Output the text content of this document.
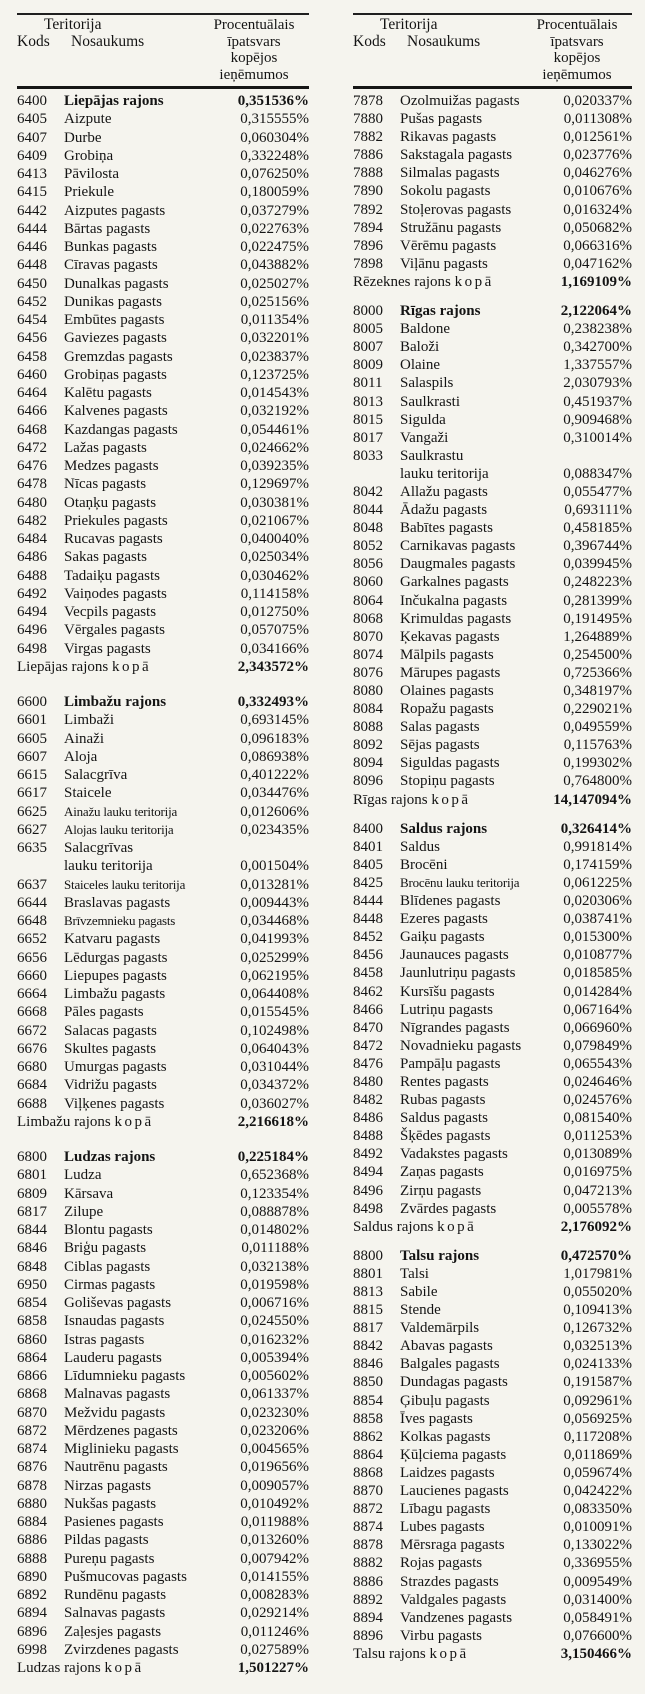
Teritorija
Kods	Nosaukums
Procentuālais
īpatsvars
kopējos
ieņēmumos
6400	Liepājas rajons	0,351536%
6405	Aizpute	0,315555%
6407	Durbe	0,060304%
6409	Grobiņa	0,332248%
6413	Pāvilosta	0,076250%
6415	Priekule	0,180059%
6442	Aizputes pagasts	0,037279%
6444	Bārtas pagasts	0,022763%
6446	Bunkas pagasts	0,022475%
6448	Cīravas pagasts	0,043882%
6450	Dunalkas pagasts	0,025027%
6452	Dunikas pagasts	0,025156%
6454	Embūtes pagasts	0,011354%
6456	Gaviezes pagasts	0,032201%
6458	Gremzdas pagasts	0,023837%
6460	Grobiņas pagasts	0,123725%
6464	Kalētu pagasts	0,014543%
6466	Kalvenes pagasts	0,032192%
6468	Kazdangas pagasts	0,054461%
6472	Lažas pagasts	0,024662%
6476	Medzes pagasts	0,039235%
6478	Nīcas pagasts	0,129697%
6480	Otaņķu pagasts	0,030381%
6482	Priekules pagasts	0,021067%
6484	Rucavas pagasts	0,040040%
6486	Sakas pagasts	0,025034%
6488	Tadaiķu pagasts	0,030462%
6492	Vaiņodes pagasts	0,114158%
6494	Vecpils pagasts	0,012750%
6496	Vērgales pagasts	0,057075%
6498	Virgas pagasts	0,034166%
Liepājas rajons kopā	2,343572%
6600	Limbažu rajons	0,332493%
6601	Limbaži	0,693145%
6605	Ainaži	0,096183%
6607	Aloja	0,086938%
6615	Salacgrīva	0,401222%
6617	Staicele	0,034476%
6625	Ainažu lauku teritorija	0,012606%
6627	Alojas lauku teritorija	0,023435%
6635	Salacgrīvas
lauku teritorija	0,001504%
6637	Staiceles lauku teritorija	0,013281%
6644	Braslavas pagasts	0,009443%
6648	Brīvzemnieku pagasts	0,034468%
6652	Katvaru pagasts	0,041993%
6656	Lēdurgas pagasts	0,025299%
6660	Liepupes pagasts	0,062195%
6664	Limbažu pagasts	0,064408%
6668	Pāles pagasts	0,015545%
6672	Salacas pagasts	0,102498%
6676	Skultes pagasts	0,064043%
6680	Umurgas pagasts	0,031044%
6684	Vidrižu pagasts	0,034372%
6688	Viļķenes pagasts	0,036027%
Limbažu rajons kopā	2,216618%
6800	Ludzas rajons	0,225184%
6801	Ludza	0,652368%
6809	Kārsava	0,123354%
6817	Zilupe	0,088878%
6844	Blontu pagasts	0,014802%
6846	Briģu pagasts	0,011188%
6848	Ciblas pagasts	0,032138%
6950	Cirmas pagasts	0,019598%
6854	Goliševas pagasts	0,006716%
6858	Isnaudas pagasts	0,024550%
6860	Istras pagasts	0,016232%
6864	Lauderu pagasts	0,005394%
6866	Līdumnieku pagasts	0,005602%
6868	Malnavas pagasts	0,061337%
6870	Mežvidu pagasts	0,023230%
6872	Mērdzenes pagasts	0,023206%
6874	Miglinieku pagasts	0,004565%
6876	Nautrēnu pagasts	0,019656%
6878	Nirzas pagasts	0,009057%
6880	Nukšas pagasts	0,010492%
6884	Pasienes pagasts	0,011988%
6886	Pildas pagasts	0,013260%
6888	Pureņu pagasts	0,007942%
6890	Pušmucovas pagasts	0,014155%
6892	Rundēnu pagasts	0,008283%
6894	Salnavas pagasts	0,029214%
6896	Zaļesjes pagasts	0,011246%
6998	Zvirzdenes pagasts	0,027589%
Ludzas rajons kopā	1,501227%
Teritorija
Kods	Nosaukums
Procentuālais
īpatsvars
kopējos
ieņēmumos
7878	Ozolmuižas pagasts	0,020337%
7880	Pušas pagasts	0,011308%
7882	Rikavas pagasts	0,012561%
7886	Sakstagala pagasts	0,023776%
7888	Silmalas pagasts	0,046276%
7890	Sokolu pagasts	0,010676%
7892	Stoļerovas pagasts	0,016324%
7894	Stružānu pagasts	0,050682%
7896	Vērēmu pagasts	0,066316%
7898	Viļānu pagasts	0,047162%
Rēzeknes rajons kopā	1,169109%
8000	Rīgas rajons	2,122064%
8005	Baldone	0,238238%
8007	Baloži	0,342700%
8009	Olaine	1,337557%
8011	Salaspils	2,030793%
8013	Saulkrasti	0,451937%
8015	Sigulda	0,909468%
8017	Vangaži	0,310014%
8033	Saulkrastu
lauku teritorija	0,088347%
8042	Allažu pagasts	0,055477%
8044	Ādažu pagasts	0,693111%
8048	Babītes pagasts	0,458185%
8052	Carnikavas pagasts	0,396744%
8056	Daugmales pagasts	0,039945%
8060	Garkalnes pagasts	0,248223%
8064	Inčukalna pagasts	0,281399%
8068	Krimuldas pagasts	0,191495%
8070	Ķekavas pagasts	1,264889%
8074	Mālpils pagasts	0,254500%
8076	Mārupes pagasts	0,725366%
8080	Olaines pagasts	0,348197%
8084	Ropažu pagasts	0,229021%
8088	Salas pagasts	0,049559%
8092	Sējas pagasts	0,115763%
8094	Siguldas pagasts	0,199302%
8096	Stopiņu pagasts	0,764800%
Rīgas rajons kopā	14,147094%
8400	Saldus rajons	0,326414%
8401	Saldus	0,991814%
8405	Brocēni	0,174159%
8425	Brocēnu lauku teritorija	0,061225%
8444	Blīdenes pagasts	0,020306%
8448	Ezeres pagasts	0,038741%
8452	Gaiķu pagasts	0,015300%
8456	Jaunauces pagasts	0,010877%
8458	Jaunlutriņu pagasts	0,018585%
8462	Kursīšu pagasts	0,014284%
8466	Lutriņu pagasts	0,067164%
8470	Nīgrandes pagasts	0,066960%
8472	Novadnieku pagasts	0,079849%
8476	Pampāļu pagasts	0,065543%
8480	Rentes pagasts	0,024646%
8482	Rubas pagasts	0,024576%
8486	Saldus pagasts	0,081540%
8488	Šķēdes pagasts	0,011253%
8492	Vadakstes pagasts	0,013089%
8494	Zaņas pagasts	0,016975%
8496	Zirņu pagasts	0,047213%
8498	Zvārdes pagasts	0,005578%
Saldus rajons kopā	2,176092%
8800	Talsu rajons	0,472570%
8801	Talsi	1,017981%
8813	Sabile	0,055020%
8815	Stende	0,109413%
8817	Valdemārpils	0,126732%
8842	Abavas pagasts	0,032513%
8846	Balgales pagasts	0,024133%
8850	Dundagas pagasts	0,191587%
8854	Ģibuļu pagasts	0,092961%
8858	Īves pagasts	0,056925%
8862	Kolkas pagasts	0,117208%
8864	Ķūļciema pagasts	0,011869%
8868	Laidzes pagasts	0,059674%
8870	Laucienes pagasts	0,042422%
8872	Lībagu pagasts	0,083350%
8874	Lubes pagasts	0,010091%
8878	Mērsraga pagasts	0,133022%
8882	Rojas pagasts	0,336955%
8886	Strazdes pagasts	0,009549%
8892	Valdgales pagasts	0,031400%
8894	Vandzenes pagasts	0,058491%
8896	Virbu pagasts	0,076600%
Talsu rajons kopā	3,150466%
